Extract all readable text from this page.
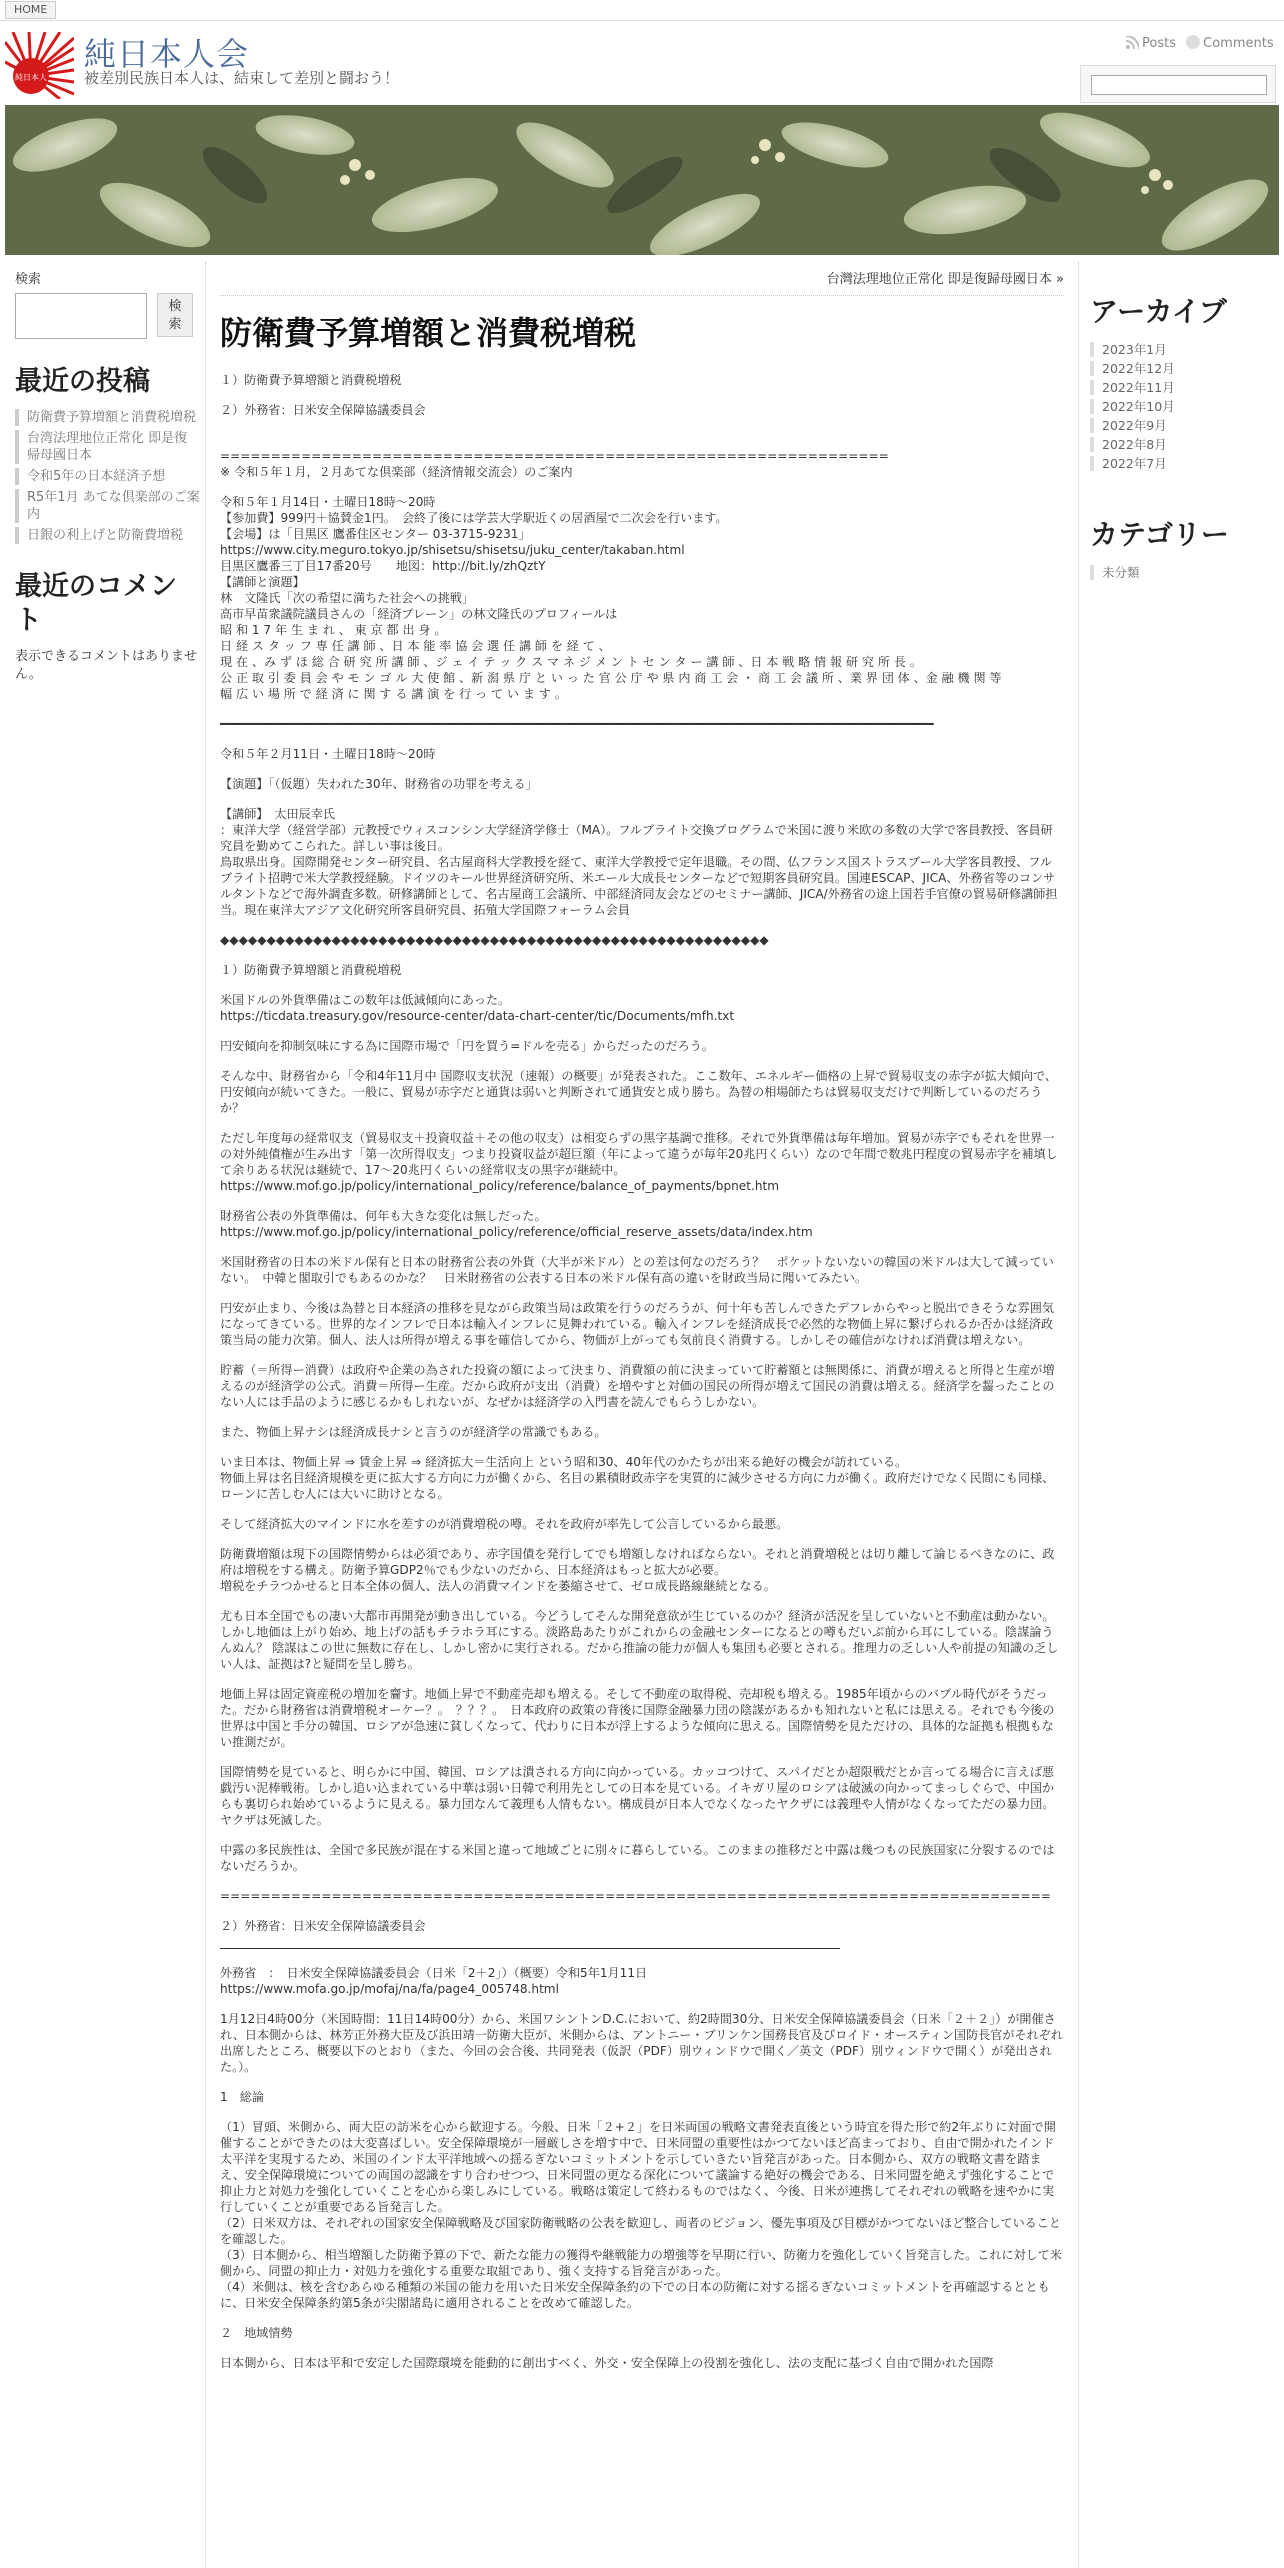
HOME
純日本人
純日本人会
被差別民族日本人は、結束して差別と闘おう！
Posts Comments
検索
検
索
最近の投稿
防衛費予算増額と消費税増税
台湾法理地位正常化 即是復帰母國日本
令和5年の日本経済予想
R5年1月 あてな倶楽部のご案内
日銀の利上げと防衛費増税
最近のコメント
表示できるコメントはありません。
台灣法理地位正常化 即是復歸母國日本 »
防衛費予算増額と消費税増税

１）防衛費予算増額と消費税増税

２）外務省：日米安全保障協議委員会

==================================================================
※ 令和５年１月，２月あてな倶楽部（経済情報交流会）のご案内

令和５年１月14日・土曜日18時～20時
【参加費】999円＋協賛金1円。　会終了後には学芸大学駅近くの居酒屋で二次会を行います。
【会場】は「目黒区 鷹番住区センター 03-3715-9231」
https://www.city.meguro.tokyo.jp/shisetsu/shisetsu/juku_center/takaban.html
目黒区鷹番三丁目17番20号　　地図：http://bit.ly/zhQztY
【講師と演題】
林　文隆氏「次の希望に満ちた社会への挑戦」
高市早苗衆議院議員さんの「経済ブレーン」の林文隆氏のプロフィールは
昭 和 1 7 年 生 ま れ 、 東 京 都 出 身 。
日 経 ス タ ッ フ 専 任 講 師 、日 本 能 率 協 会 選 任 講 師 を 経 て 、
現 在 、み ず ほ 総 合 研 究 所 講 師 、ジ ェ イ テ ッ ク ス マ ネ ジ メ ン ト セ ン タ ー 講 師 、日 本 戦 略 情 報 研 究 所 長 。
公 正 取 引 委 員 会 や モ ン ゴ ル 大 使 館 、新 潟 県 庁 と い っ た 官 公 庁 や 県 内 商 工 会 ・ 商 工 会 議 所 、業 界 団 体 、金 融 機 関 等
幅 広 い 場 所 で 経 済 に 関 す る 講 演 を 行 っ て い ま す 。

━━━━━━━━━━━━━━━━━━━━━━━━━━━━━━━━━━━━━━━━━━━━━━━━━━━━━━━━━━━━━━━━━━━━━━━━━━━━━━━━━━━━━━━━━━━━━━━━━━

令和５年２月11日・土曜日18時～20時

【演題】「（仮題）失われた30年、財務省の功罪を考える」

【講師】　太田辰幸氏
：東洋大学（経営学部）元教授でウィスコンシン大学経済学修士（MA）。フルブライト交換プログラムで米国に渡り米欧の多数の大学で客員教授、客員研究員を勤めてこられた。詳しい事は後日。
鳥取県出身。国際開発センター研究員、名古屋商科大学教授を経て、東洋大学教授で定年退職。その間、仏フランス国ストラスブール大学客員教授、フルブライト招聘で米大学教授経験。ドイツのキール世界経済研究所、米エール大成長センターなどで短期客員研究員。国連ESCAP、JICA、外務省等のコンサルタントなどで海外調査多数。研修講師として、名古屋商工会議所、中部経済同友会などのセミナー講師、JICA/外務省の途上国若手官僚の貿易研修講師担当。現在東洋大アジア文化研究所客員研究員、拓殖大学国際フォーラム会員

◆◆◆◆◆◆◆◆◆◆◆◆◆◆◆◆◆◆◆◆◆◆◆◆◆◆◆◆◆◆◆◆◆◆◆◆◆◆◆◆◆◆◆◆◆◆◆◆◆◆◆◆◆◆◆◆◆◆◆

１）防衛費予算増額と消費税増税

米国ドルの外貨準備はこの数年は低減傾向にあった。
https://ticdata.treasury.gov/resource-center/data-chart-center/tic/Documents/mfh.txt

円安傾向を抑制気味にする為に国際市場で「円を買う=ドルを売る」からだったのだろう。

そんな中、財務省から「令和4年11月中 国際収支状況（速報）の概要」が発表された。ここ数年、エネルギー価格の上昇で貿易収支の赤字が拡大傾向で、円安傾向が続いてきた。一般に、貿易が赤字だと通貨は弱いと判断されて通貨安と成り勝ち。為替の相場師たちは貿易収支だけで判断しているのだろうか？

ただし年度毎の経常収支（貿易収支＋投資収益＋その他の収支）は相変らずの黒字基調で推移。それで外貨準備は毎年増加。貿易が赤字でもそれを世界一の対外純債権が生み出す「第一次所得収支」つまり投資収益が超巨額（年によって違うが毎年20兆円くらい）なので年間で数兆円程度の貿易赤字を補填して余りある状況は継続で、17～20兆円くらいの経常収支の黒字が継続中。
https://www.mof.go.jp/policy/international_policy/reference/balance_of_payments/bpnet.htm

財務省公表の外貨準備は、何年も大きな変化は無しだった。
https://www.mof.go.jp/policy/international_policy/reference/official_reserve_assets/data/index.htm

米国財務省の日本の米ドル保有と日本の財務省公表の外貨（大半が米ドル）との差は何なのだろう？　ポケットないないの韓国の米ドルは大して減っていない。　中韓と閣取引でもあるのかな？　日米財務省の公表する日本の米ドル保有高の違いを財政当局に聞いてみたい。

円安が止まり、今後は為替と日本経済の推移を見ながら政策当局は政策を行うのだろうが、何十年も苦しんできたデフレからやっと脱出できそうな雰囲気になってきている。世界的なインフレで日本は輸入インフレに見舞われている。輸入インフレを経済成長で必然的な物価上昇に繋げられるか否かは経済政策当局の能力次第。個人、法人は所得が増える事を確信してから、物価が上がっても気前良く消費する。しかしその確信がなければ消費は増えない。

貯蓄（＝所得ー消費）は政府や企業の為された投資の額によって決まり、消費額の前に決まっていて貯蓄額とは無関係に、消費が増えると所得と生産が増えるのが経済学の公式。消費＝所得ー生産。だから政府が支出（消費）を増やすと対価の国民の所得が増えて国民の消費は増える。経済学を齧ったことのない人には手品のように感じるかもしれないが、なぜかは経済学の入門書を読んでもらうしかない。

また、物価上昇ナシは経済成長ナシと言うのが経済学の常識でもある。

いま日本は、物価上昇 ⇒ 賃金上昇 ⇒ 経済拡大＝生活向上 という昭和30、40年代のかたちが出来る絶好の機会が訪れている。
物価上昇は名目経済規模を更に拡大する方向に力が働くから、名目の累積財政赤字を実質的に減少させる方向に力が働く。政府だけでなく民間にも同様、ローンに苦しむ人には大いに助けとなる。

そして経済拡大のマインドに水を差すのが消費増税の噂。それを政府が率先して公言しているから最悪。

防衛費増額は現下の国際情勢からは必須であり、赤字国債を発行してでも増額しなければならない。それと消費増税とは切り離して論じるべきなのに、政府は増税をする構え。防衛予算GDP2％でも少ないのだから、日本経済はもっと拡大が必要。
増税をチラつかせると日本全体の個人、法人の消費マインドを萎縮させて、ゼロ成長路線継続となる。

尤も日本全国でもの凄い大都市再開発が動き出している。今どうしてそんな開発意欲が生じているのか？経済が活況を呈していないと不動産は動かない。しかし地価は上がり始め、地上げの話もチラホラ耳にする。淡路島あたりがこれからの金融センターになるとの噂もだいぶ前から耳にしている。陰謀論うんぬん？ 陰謀はこの世に無数に存在し、しかし密かに実行される。だから推論の能力が個人も集団も必要とされる。推理力の乏しい人や前提の知識の乏しい人は、証拠は?と疑問を呈し勝ち。

地価上昇は固定資産税の増加を齎す。地価上昇で不動産売却も増える。そして不動産の取得税、売却税も増える。1985年頃からのバブル時代がそうだった。だから財務省は消費増税オーケー？。　？？？。　日本政府の政策の背後に国際金融暴力団の陰謀があるかも知れないと私には思える。それでも今後の世界は中国と手分の韓国、ロシアが急速に貧しくなって、代わりに日本が浮上するような傾向に思える。国際情勢を見ただけの、具体的な証拠も根拠もない推測だが。

国際情勢を見ていると、明らかに中国、韓国、ロシアは潰される方向に向かっている。カッコつけて、スパイだとか超限戦だとか言ってる場合に言えば悪戯汚い泥棒戦術。しかし追い込まれている中華は弱い日韓で利用先としての日本を見ている。イキガリ屋のロシアは破滅の向かってまっしぐらで、中国からも裏切られ始めているように見える。暴力団なんて義理も人情もない。構成員が日本人でなくなったヤクザには義理や人情がなくなってただの暴力団。ヤクザは死滅した。

中露の多民族性は、全国で多民族が混在する米国と違って地域ごとに別々に暮らしている。このままの推移だと中露は幾つもの民族国家に分裂するのではないだろうか。

==================================================================================

２）外務省：日米安全保障協議委員会

外務省　：　日米安全保障協議委員会（日米「2＋2」）（概要）令和5年1月11日
https://www.mofa.go.jp/mofaj/na/fa/page4_005748.html

1月12日4時00分（米国時間：11日14時00分）から、米国ワシントンD.C.において、約2時間30分、日米安全保障協議委員会（日米「２＋２」）が開催され、日本側からは、林芳正外務大臣及び浜田靖一防衛大臣が、米側からは、アントニー・ブリンケン国務長官及びロイド・オースティン国防長官がそれぞれ出席したところ、概要以下のとおり（また、今回の会合後、共同発表（仮訳（PDF）別ウィンドウで開く／英文（PDF）別ウィンドウで開く）が発出された。）。

1　総論

（1）冒頭、米側から、両大臣の訪米を心から歓迎する。今般、日米「２+２」を日米両国の戦略文書発表直後という時宜を得た形で約2年ぶりに対面で開催することができたのは大変喜ばしい。安全保障環境が一層厳しさを増す中で、日米同盟の重要性はかつてないほど高まっており、自由で開かれたインド太平洋を実現するため、米国のインド太平洋地域への揺るぎないコミットメントを示していきたい旨発言があった。日本側から、双方の戦略文書を踏まえ、安全保障環境についての両国の認識をすり合わせつつ、日米同盟の更なる深化について議論する絶好の機会である、日米同盟を絶えず強化することで抑止力と対処力を強化していくことを心から楽しみにしている。戦略は策定して終わるものではなく、今後、日米が連携してそれぞれの戦略を速やかに実行していくことが重要である旨発言した。
（2）日米双方は、それぞれの国家安全保障戦略及び国家防衛戦略の公表を歓迎し、両者のビジョン、優先事項及び目標がかつてないほど整合していることを確認した。
（3）日本側から、相当増額した防衛予算の下で、新たな能力の獲得や継戦能力の増強等を早期に行い、防衛力を強化していく旨発言した。これに対して米側から、同盟の抑止力・対処力を強化する重要な取組であり、強く支持する旨発言があった。
（4）米側は、核を含むあらゆる種類の米国の能力を用いた日米安全保障条約の下での日本の防衛に対する揺るぎないコミットメントを再確認するとともに、日米安全保障条約第5条が尖閣諸島に適用されることを改めて確認した。

２　地域情勢

日本側から、日本は平和で安定した国際環境を能動的に創出すべく、外交・安全保障上の役割を強化し、法の支配に基づく自由で開かれた国際

アーカイブ
2023年1月
2022年12月
2022年11月
2022年10月
2022年9月
2022年8月
2022年7月
カテゴリー
未分類
